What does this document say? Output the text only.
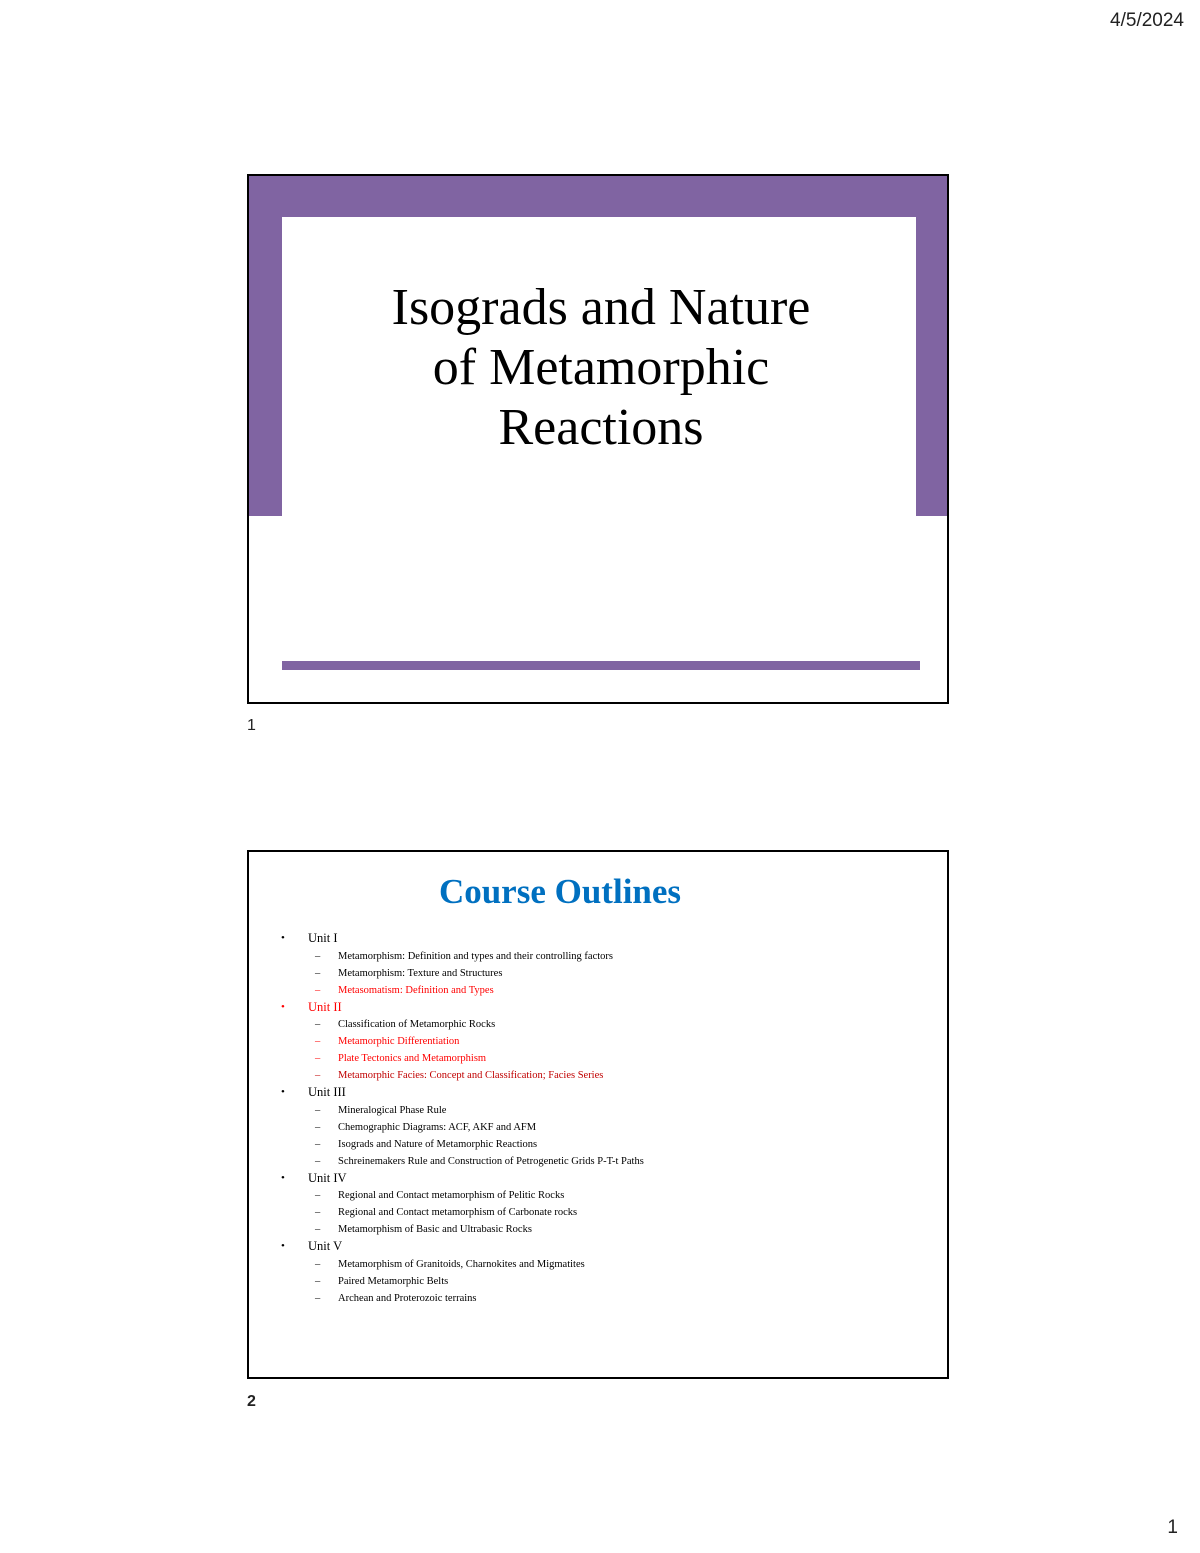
4/5/2024
Isograds and Nature
of Metamorphic
Reactions
1
Course Outlines
• Unit I
– Metamorphism: Definition and types and their controlling factors
– Metamorphism: Texture and Structures
– Metasomatism: Definition and Types
• Unit II
– Classification of Metamorphic Rocks
– Metamorphic Differentiation
– Plate Tectonics and Metamorphism
– Metamorphic Facies: Concept and Classification; Facies Series
• Unit III
– Mineralogical Phase Rule
– Chemographic Diagrams: ACF, AKF and AFM
– Isograds and Nature of Metamorphic Reactions
– Schreinemakers Rule and Construction of Petrogenetic Grids P-T-t Paths
• Unit IV
– Regional and Contact metamorphism of Pelitic Rocks
– Regional and Contact metamorphism of Carbonate rocks
– Metamorphism of Basic and Ultrabasic Rocks
• Unit V
– Metamorphism of Granitoids, Charnokites and Migmatites
– Paired Metamorphic Belts
– Archean and Proterozoic terrains
2
1
